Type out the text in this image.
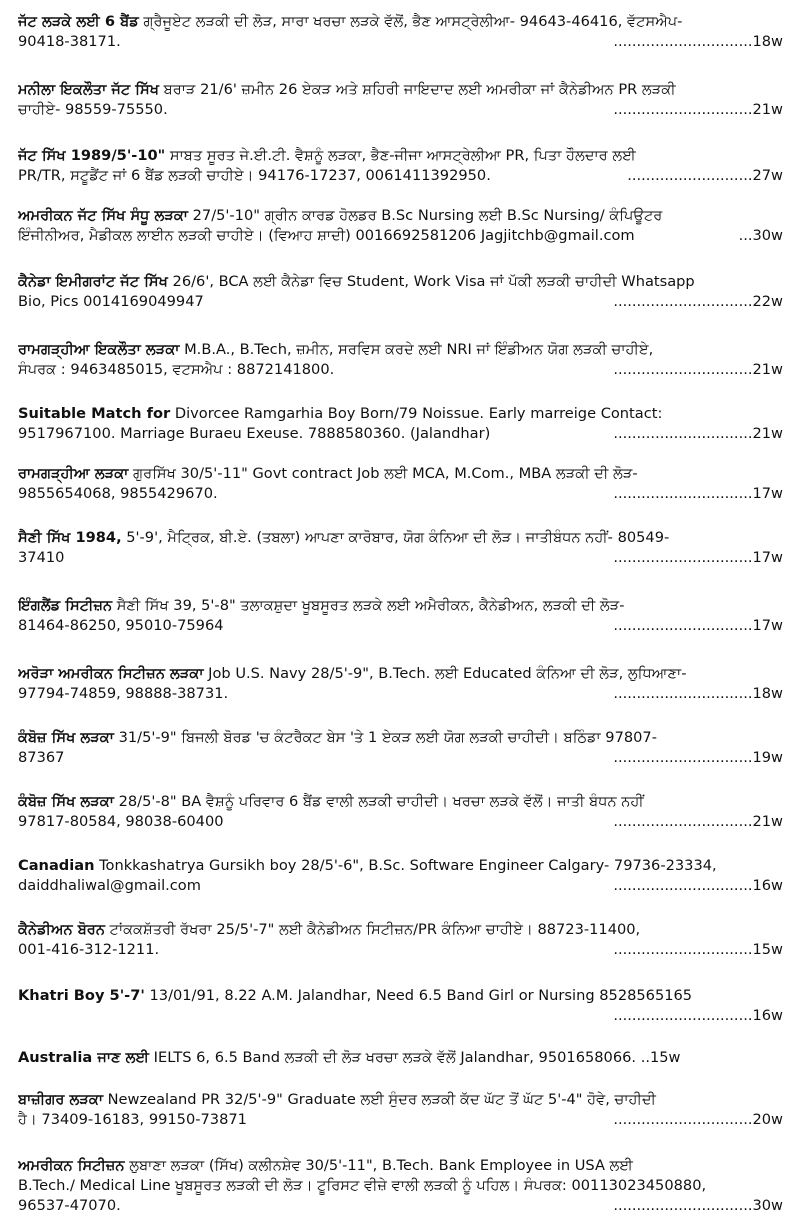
ਜੱਟ ਲੜਕੇ ਲਈ 6 ਬੈਂਡ ਗ੍ਰੈਜੂਏਟ ਲੜਕੀ ਦੀ ਲੋੜ, ਸਾਰਾ ਖਰਚਾ ਲੜਕੇ ਵੱਲੋਂ, ਭੈਣ ਆਸਟ੍ਰੇਲੀਆ- 94643-46416, ਵੱਟਸਐਪ-
90418-38171.	..............................18w
ਮਨੀਲਾ ਇਕਲੌਤਾ ਜੱਟ ਸਿੱਖ ਬਰਾੜ 21/6' ਜ਼ਮੀਨ 26 ਏਕੜ ਅਤੇ ਸ਼ਹਿਰੀ ਜਾਇਦਾਦ ਲਈ ਅਮਰੀਕਾ ਜਾਂ ਕੈਨੇਡੀਅਨ PR ਲੜਕੀ
ਚਾਹੀਏ- 98559-75550.	..............................21w
ਜੱਟ ਸਿੱਖ 1989/5'-10" ਸਾਬਤ ਸੂਰਤ ਜੇ.ਈ.ਟੀ. ਵੈਸ਼ਨੂੰ ਲੜਕਾ, ਭੈਣ-ਜੀਜਾ ਆਸਟ੍ਰੇਲੀਆ PR, ਪਿਤਾ ਹੌਲਦਾਰ ਲਈ
PR/TR, ਸਟੂਡੈਂਟ ਜਾਂ 6 ਬੈਂਡ ਲੜਕੀ ਚਾਹੀਏ। 94176-17237, 0061411392950.	...........................27w
ਅਮਰੀਕਨ ਜੱਟ ਸਿੱਖ ਸੰਧੂ ਲੜਕਾ 27/5'-10" ਗ੍ਰੀਨ ਕਾਰਡ ਹੋਲਡਰ B.Sc Nursing ਲਈ B.Sc Nursing/ ਕੰਪਿਊਟਰ
ਇੰਜੀਨੀਅਰ, ਮੈਡੀਕਲ ਲਾਈਨ ਲੜਕੀ ਚਾਹੀਏ। (ਵਿਆਹ ਸ਼ਾਦੀ) 0016692581206 Jagjitchb@gmail.com	...30w
ਕੈਨੇਡਾ ਇਮੀਗਰਾਂਟ ਜੱਟ ਸਿੱਖ 26/6', BCA ਲਈ ਕੈਨੇਡਾ ਵਿਚ Student, Work Visa ਜਾਂ ਪੱਕੀ ਲੜਕੀ ਚਾਹੀਦੀ Whatsapp
Bio, Pics 0014169049947	..............................22w
ਰਾਮਗੜ੍ਹੀਆ ਇਕਲੌਤਾ ਲੜਕਾ M.B.A., B.Tech, ਜ਼ਮੀਨ, ਸਰਵਿਸ ਕਰਦੇ ਲਈ NRI ਜਾਂ ਇੰਡੀਅਨ ਯੋਗ ਲੜਕੀ ਚਾਹੀਏ,
ਸੰਪਰਕ : 9463485015, ਵਟਸਐਪ : 8872141800.	..............................21w
Suitable Match for Divorcee Ramgarhia Boy Born/79 Noissue. Early marreige Contact:
9517967100. Marriage Buraeu Exeuse. 7888580360. (Jalandhar)	..............................21w
ਰਾਮਗੜ੍ਹੀਆ ਲੜਕਾ ਗੁਰਸਿੱਖ 30/5'-11" Govt contract Job ਲਈ MCA, M.Com., MBA ਲੜਕੀ ਦੀ ਲੋੜ-
9855654068, 9855429670.	..............................17w
ਸੈਣੀ ਸਿੱਖ 1984, 5'-9', ਮੈਟ੍ਰਿਕ, ਬੀ.ਏ. (ਤਬਲਾ) ਆਪਣਾ ਕਾਰੋਬਾਰ, ਯੋਗ ਕੰਨਿਆ ਦੀ ਲੋੜ। ਜਾਤੀਬੰਧਨ ਨਹੀਂ- 80549-
37410	..............................17w
ਇੰਗਲੈਂਡ ਸਿਟੀਜ਼ਨ ਸੈਣੀ ਸਿੱਖ 39, 5'-8" ਤਲਾਕਸ਼ੁਦਾ ਖੂਬਸੂਰਤ ਲੜਕੇ ਲਈ ਅਮੈਰੀਕਨ, ਕੈਨੇਡੀਅਨ, ਲੜਕੀ ਦੀ ਲੋੜ-
81464-86250, 95010-75964	..............................17w
ਅਰੋੜਾ ਅਮਰੀਕਨ ਸਿਟੀਜ਼ਨ ਲੜਕਾ Job U.S. Navy 28/5'-9", B.Tech. ਲਈ Educated ਕੰਨਿਆ ਦੀ ਲੋੜ, ਲੁਧਿਆਣਾ-
97794-74859, 98888-38731.	..............................18w
ਕੰਬੋਜ਼ ਸਿੱਖ ਲੜਕਾ 31/5'-9" ਬਿਜਲੀ ਬੋਰਡ 'ਚ ਕੰਟਰੈਕਟ ਬੇਸ 'ਤੇ 1 ਏਕੜ ਲਈ ਯੋਗ ਲੜਕੀ ਚਾਹੀਦੀ। ਬਠਿੰਡਾ 97807-
87367	..............................19w
ਕੰਬੋਜ਼ ਸਿੱਖ ਲੜਕਾ 28/5'-8" BA ਵੈਸ਼ਨੂੰ ਪਰਿਵਾਰ 6 ਬੈਂਡ ਵਾਲੀ ਲੜਕੀ ਚਾਹੀਦੀ। ਖਰਚਾ ਲੜਕੇ ਵੱਲੋਂ। ਜਾਤੀ ਬੰਧਨ ਨਹੀਂ
97817-80584, 98038-60400	..............................21w
Canadian Tonkkashatrya Gursikh boy 28/5'-6", B.Sc. Software Engineer Calgary- 79736-23334,
daiddhaliwal@gmail.com	..............................16w
ਕੈਨੇਡੀਅਨ ਬੋਰਨ ਟਾਂਕਕਸ਼ੱਤਰੀ ਰੱਖਰਾ 25/5'-7" ਲਈ ਕੈਨੇਡੀਅਨ ਸਿਟੀਜ਼ਨ/PR ਕੰਨਿਆ ਚਾਹੀਏ। 88723-11400,
001-416-312-1211.	..............................15w
Khatri Boy 5'-7' 13/01/91, 8.22 A.M. Jalandhar, Need 6.5 Band Girl or Nursing 8528565165
..............................16w
Australia ਜਾਣ ਲਈ IELTS 6, 6.5 Band ਲੜਕੀ ਦੀ ਲੋੜ ਖਰਚਾ ਲੜਕੇ ਵੱਲੋਂ Jalandhar, 9501658066. ..15w
ਬਾਜ਼ੀਗਰ ਲੜਕਾ Newzealand PR 32/5'-9" Graduate ਲਈ ਸੁੰਦਰ ਲੜਕੀ ਕੱਦ ਘੱਟ ਤੋਂ ਘੱਟ 5'-4" ਹੋਵੇ, ਚਾਹੀਦੀ
ਹੈ। 73409-16183, 99150-73871	..............................20w
ਅਮਰੀਕਨ ਸਿਟੀਜ਼ਨ ਲੁਬਾਣਾ ਲੜਕਾ (ਸਿੱਖ) ਕਲੀਨਸ਼ੇਵ 30/5'-11", B.Tech. Bank Employee in USA ਲਈ
B.Tech./ Medical Line ਖੂਬਸੂਰਤ ਲੜਕੀ ਦੀ ਲੋੜ। ਟੂਰਿਸਟ ਵੀਜ਼ੇ ਵਾਲੀ ਲੜਕੀ ਨੂੰ ਪਹਿਲ। ਸੰਪਰਕ: 00113023450880,
96537-47070.	..............................30w
